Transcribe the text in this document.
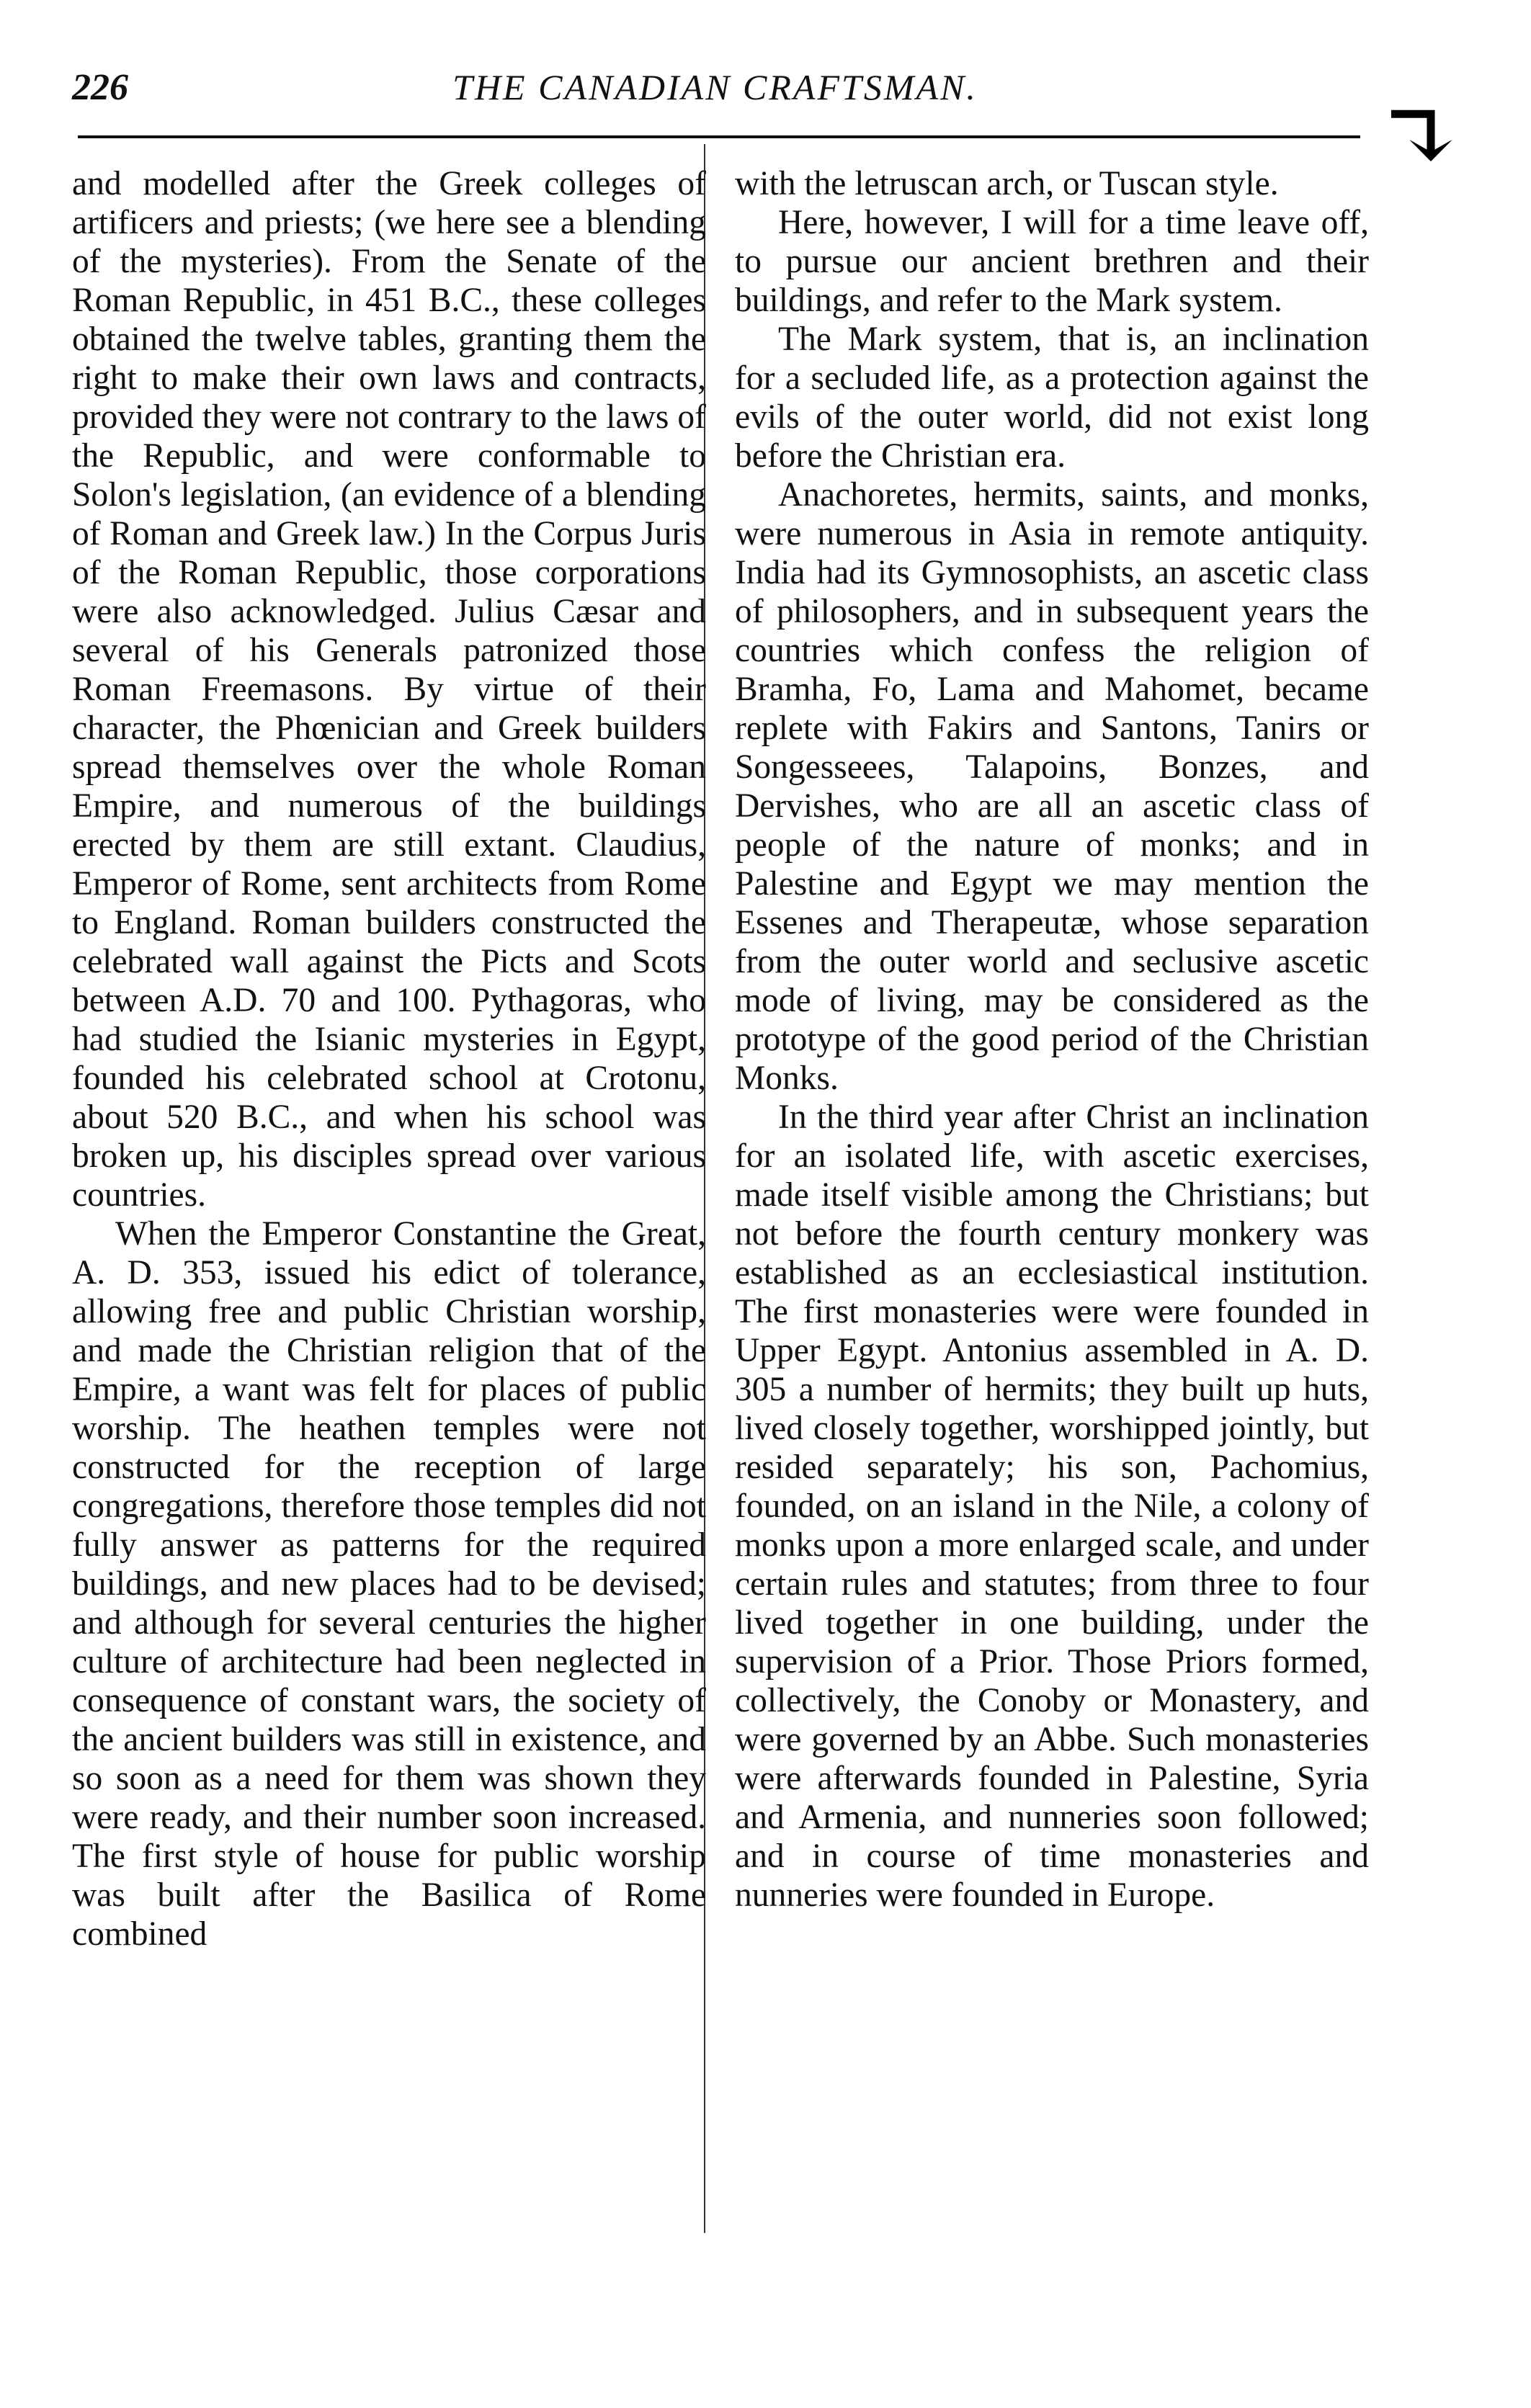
226	THE CANADIAN CRAFTSMAN.	↴

and modelled after the Greek colleges of artificers and priests; (we here see a blending of the mysteries). From the Senate of the Roman Republic, in 451 B.C., these colleges obtained the twelve tables, granting them the right to make their own laws and contracts, provided they were not contrary to the laws of the Republic, and were conformable to Solon's legislation, (an evidence of a blending of Roman and Greek law.) In the Corpus Juris of the Roman Republic, those corporations were also acknowledged. Julius Cæsar and several of his Generals patronized those Roman Freemasons. By virtue of their character, the Phœnician and Greek builders spread themselves over the whole Roman Empire, and numerous of the buildings erected by them are still extant. Claudius, Emperor of Rome, sent architects from Rome to England. Roman builders constructed the celebrated wall against the Picts and Scots between A.D. 70 and 100. Pythagoras, who had studied the Isianic mysteries in Egypt, founded his celebrated school at Crotonu, about 520 B.C., and when his school was broken up, his disciples spread over various countries.

When the Emperor Constantine the Great, A. D. 353, issued his edict of tolerance, allowing free and public Christian worship, and made the Christian religion that of the Empire, a want was felt for places of public worship. The heathen temples were not constructed for the reception of large congregations, therefore those temples did not fully answer as patterns for the required buildings, and new places had to be devised; and although for several centuries the higher culture of architecture had been neglected in consequence of constant wars, the society of the ancient builders was still in existence, and so soon as a need for them was shown they were ready, and their number soon increased. The first style of house for public worship was built after the Basilica of Rome combined

with the letruscan arch, or Tuscan style.

Here, however, I will for a time leave off, to pursue our ancient brethren and their buildings, and refer to the Mark system.

The Mark system, that is, an inclination for a secluded life, as a protection against the evils of the outer world, did not exist long before the Christian era.

Anachoretes, hermits, saints, and monks, were numerous in Asia in remote antiquity. India had its Gymnosophists, an ascetic class of philosophers, and in subsequent years the countries which confess the religion of Bramha, Fo, Lama and Mahomet, became replete with Fakirs and Santons, Tanirs or Songesseees, Talapoins, Bonzes, and Dervishes, who are all an ascetic class of people of the nature of monks; and in Palestine and Egypt we may mention the Essenes and Therapeutæ, whose separation from the outer world and seclusive ascetic mode of living, may be considered as the prototype of the good period of the Christian Monks.

In the third year after Christ an inclination for an isolated life, with ascetic exercises, made itself visible among the Christians; but not before the fourth century monkery was established as an ecclesiastical institution. The first monasteries were were founded in Upper Egypt. Antonius assembled in A. D. 305 a number of hermits; they built up huts, lived closely together, worshipped jointly, but resided separately; his son, Pachomius, founded, on an island in the Nile, a colony of monks upon a more enlarged scale, and under certain rules and statutes; from three to four lived together in one building, under the supervision of a Prior. Those Priors formed, collectively, the Conoby or Monastery, and were governed by an Abbe. Such monasteries were afterwards founded in Palestine, Syria and Armenia, and nunneries soon followed; and in course of time monasteries and nunneries were founded in Europe.
